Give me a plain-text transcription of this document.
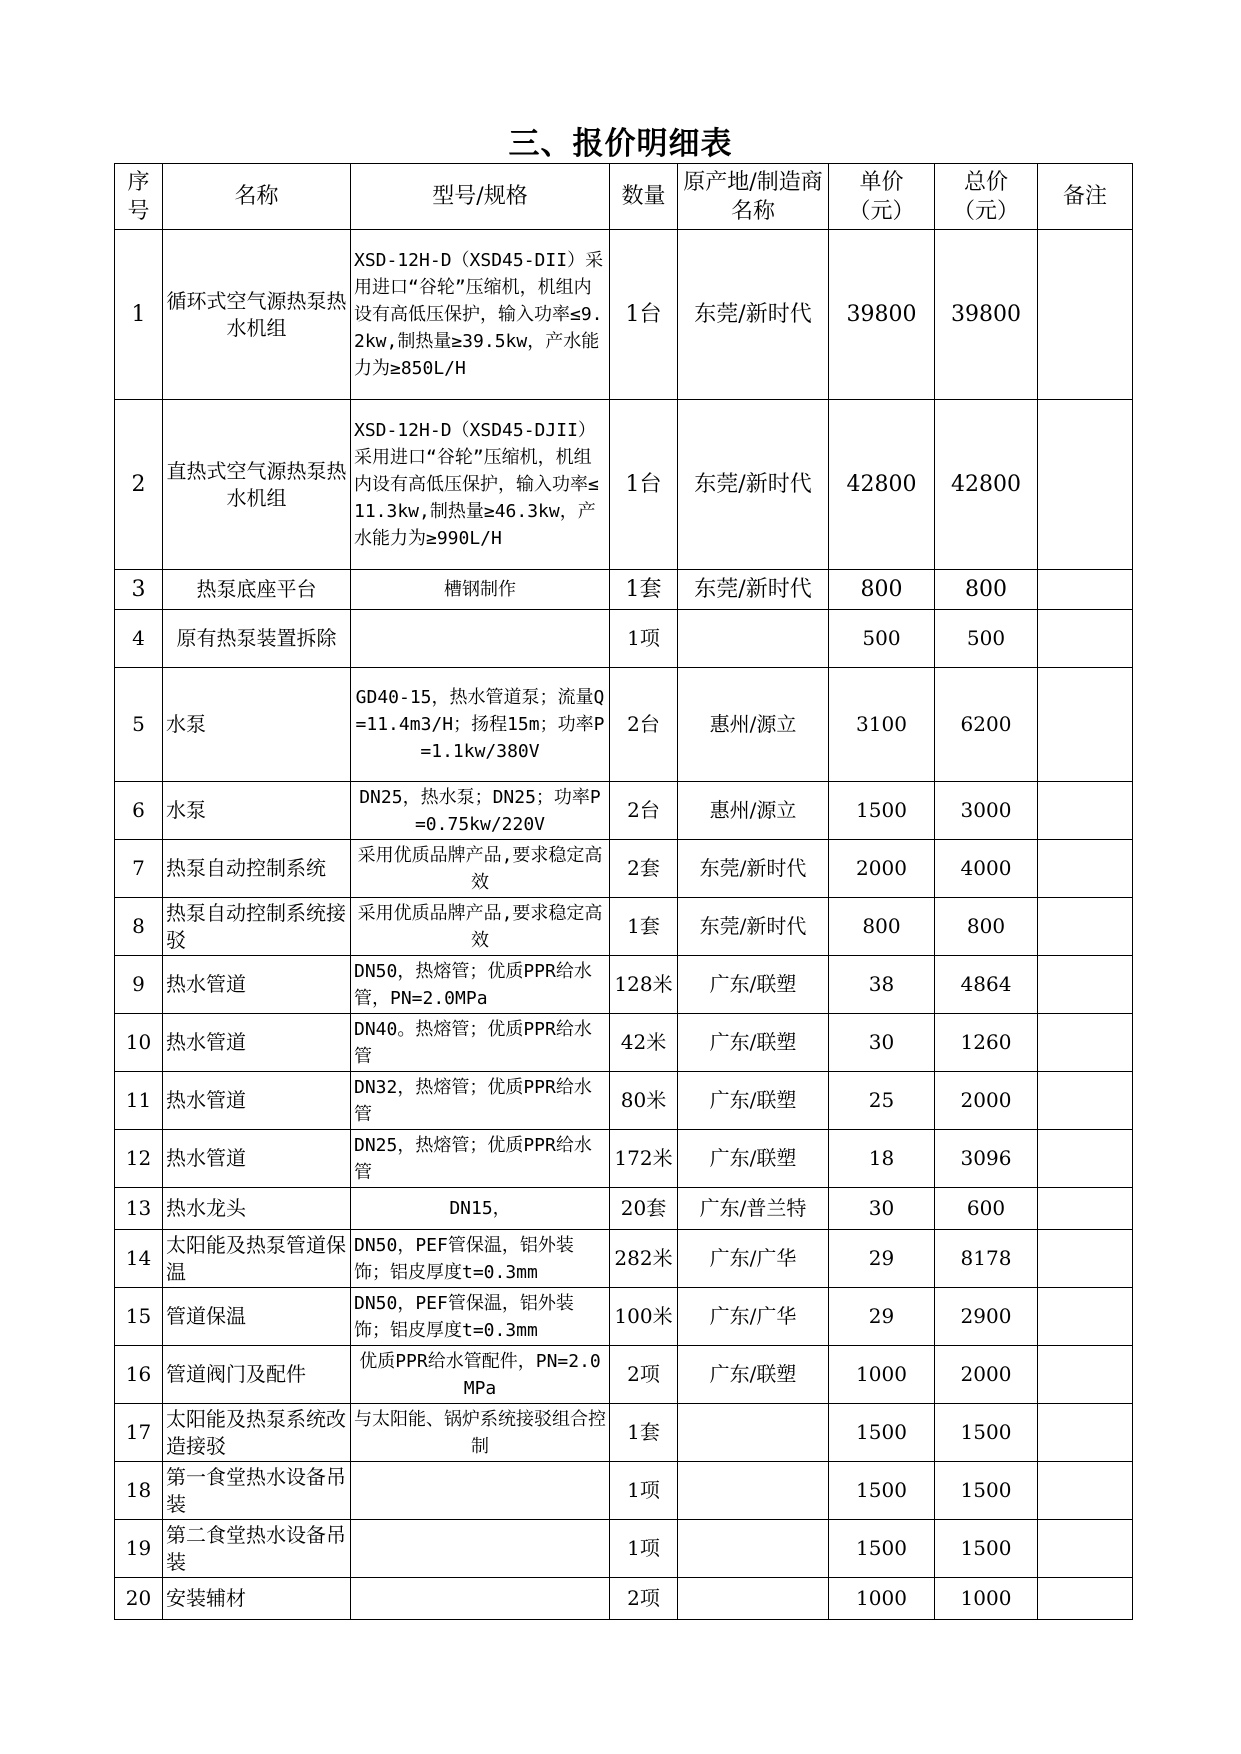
三、报价明细表
序号	名称	型号/规格	数量	原产地/制造商名称	单价（元）	总价（元）	备注
1	循环式空气源热泵热水机组	XSD-12H-D（XSD45-DII）采用进口“谷轮”压缩机，机组内设有高低压保护，输入功率≤9.2kw,制热量≥39.5kw，产水能力为≥850L/H	1台	东莞/新时代	39800	39800	
2	直热式空气源热泵热水机组	XSD-12H-D（XSD45-DJII）采用进口“谷轮”压缩机，机组内设有高低压保护，输入功率≤11.3kw,制热量≥46.3kw，产水能力为≥990L/H	1台	东莞/新时代	42800	42800	
3	热泵底座平台	槽钢制作	1套	东莞/新时代	800	800	
4	原有热泵装置拆除		1项		500	500	
5	水泵	GD40-15，热水管道泵；流量Q=11.4m3/H；扬程15m；功率P=1.1kw/380V	2台	惠州/源立	3100	6200	
6	水泵	DN25，热水泵；DN25；功率P=0.75kw/220V	2台	惠州/源立	1500	3000	
7	热泵自动控制系统	采用优质品牌产品,要求稳定高效	2套	东莞/新时代	2000	4000	
8	热泵自动控制系统接驳	采用优质品牌产品,要求稳定高效	1套	东莞/新时代	800	800	
9	热水管道	DN50，热熔管；优质PPR给水管，PN=2.0MPa	128米	广东/联塑	38	4864	
10	热水管道	DN40。热熔管；优质PPR给水管	42米	广东/联塑	30	1260	
11	热水管道	DN32，热熔管；优质PPR给水管	80米	广东/联塑	25	2000	
12	热水管道	DN25，热熔管；优质PPR给水管	172米	广东/联塑	18	3096	
13	热水龙头	DN15，	20套	广东/普兰特	30	600	
14	太阳能及热泵管道保温	DN50，PEF管保温，铝外装饰；铝皮厚度t=0.3mm	282米	广东/广华	29	8178	
15	管道保温	DN50，PEF管保温，铝外装饰；铝皮厚度t=0.3mm	100米	广东/广华	29	2900	
16	管道阀门及配件	优质PPR给水管配件，PN=2.0MPa	2项	广东/联塑	1000	2000	
17	太阳能及热泵系统改造接驳	与太阳能、锅炉系统接驳组合控制	1套		1500	1500	
18	第一食堂热水设备吊装		1项		1500	1500	
19	第二食堂热水设备吊装		1项		1500	1500	
20	安装辅材		2项		1000	1000	
